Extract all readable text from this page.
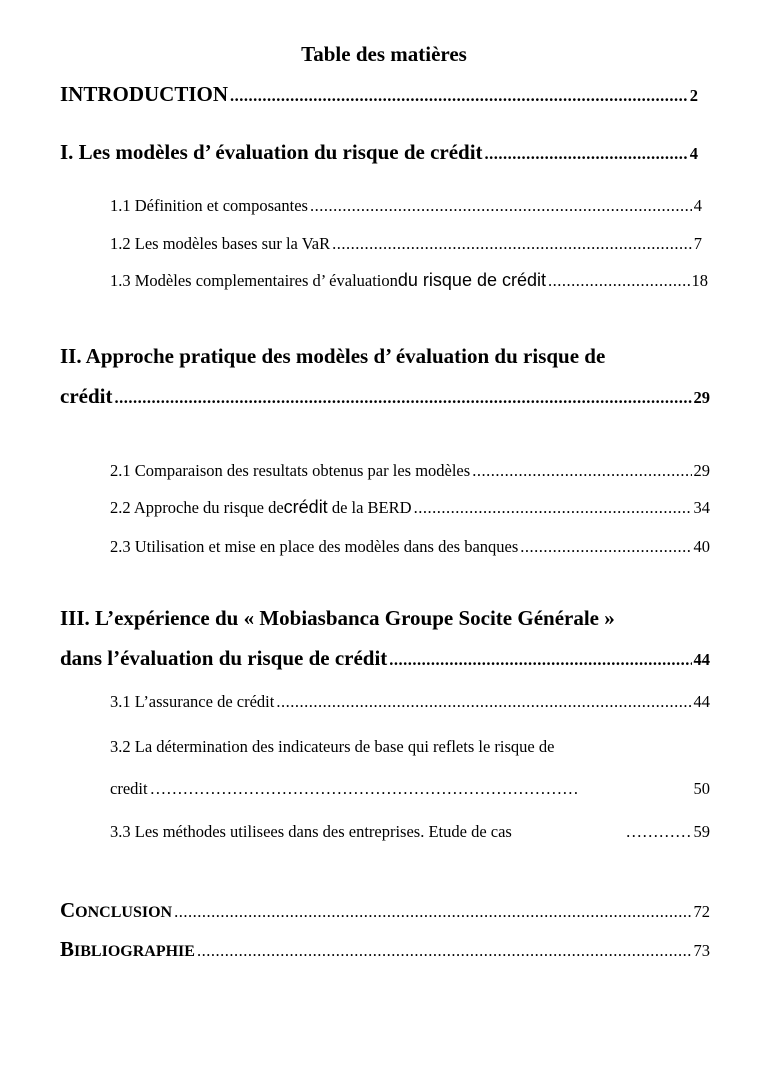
Table des matières
INTRODUCTION .....	2
I. Les modèles d’ évaluation du risque de crédit .....	4
1.1 Définition et composantes .....	4
1.2 Les modèles bases sur la VaR .....	7
1.3 Modèles complementaires d’ évaluation du risque de crédit .....	18
II. Approche pratique des modèles d’ évaluation du risque de
crédit .....	29
2.1 Comparaison des resultats obtenus par les modèles .....	29
2.2 Approche du risque de crédit de la BERD .....	34
2.3 Utilisation et mise en place des modèles dans des banques .....	40
III. L’expérience du « Mobiasbanca Groupe Socite Générale »
dans l’évaluation du risque de crédit .....	44
3.1 L’assurance de crédit .....	44
3.2 La détermination des indicateurs de base qui reflets le risque de
credit ……………………………………………………………………	50
3.3 Les méthodes utilisees dans des entreprises. Etude de cas	………… 59
CONCLUSION .....	72
BIBLIOGRAPHIE .....	73
